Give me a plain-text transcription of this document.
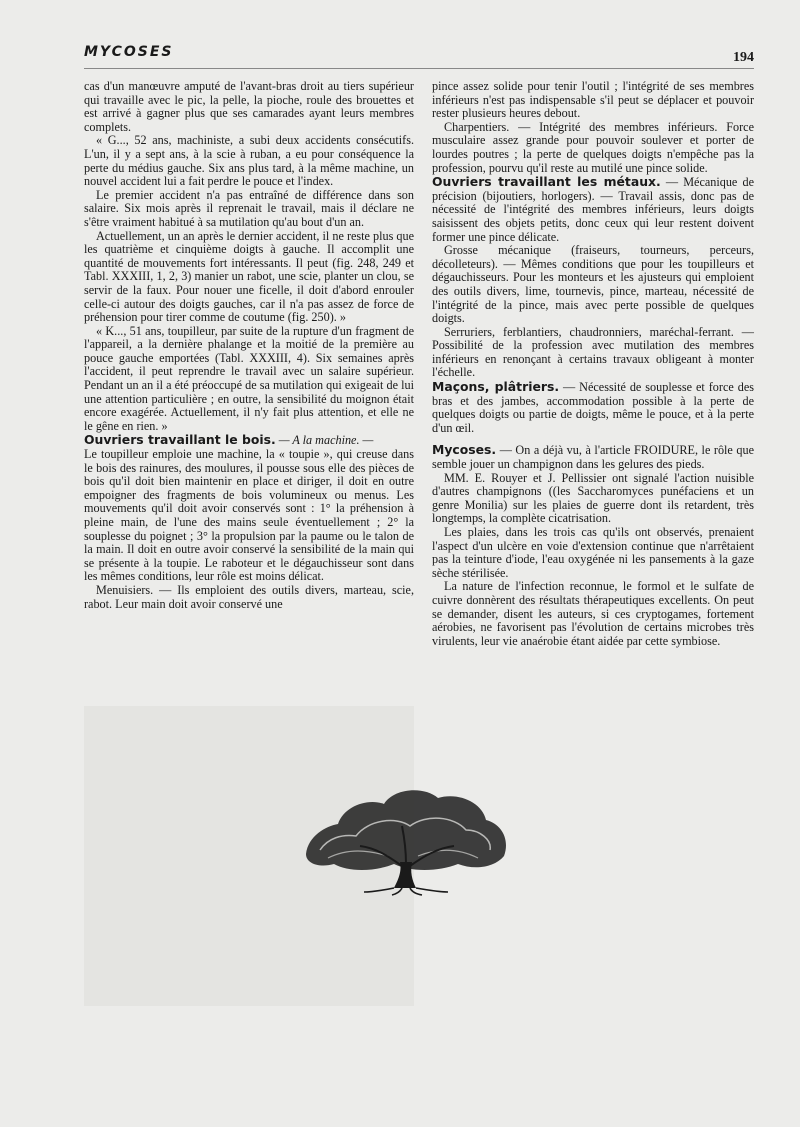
MYCOSES	194

cas d'un manœuvre amputé de l'avant-bras droit au tiers supérieur qui travaille avec le pic, la pelle, la pioche, roule des brouettes et est arrivé à gagner plus que ses camarades ayant leurs membres complets.

« G..., 52 ans, machiniste, a subi deux accidents consécutifs. L'un, il y a sept ans, à la scie à ruban, a eu pour conséquence la perte du médius gauche. Six ans plus tard, à la même machine, un nouvel accident lui a fait perdre le pouce et l'index.

Le premier accident n'a pas entraîné de différence dans son salaire. Six mois après il reprenait le travail, mais il déclare ne s'être vraiment habitué à sa mutilation qu'au bout d'un an.

Actuellement, un an après le dernier accident, il ne reste plus que les quatrième et cinquième doigts à gauche. Il accomplit une quantité de mouvements fort intéressants. Il peut (fig. 248, 249 et Tabl. XXXIII, 1, 2, 3) manier un rabot, une scie, planter un clou, se servir de la faux. Pour nouer une ficelle, il doit d'abord enrouler celle-ci autour des doigts gauches, car il n'a pas assez de force de préhension pour tirer comme de coutume (fig. 250). »

« K..., 51 ans, toupilleur, par suite de la rupture d'un fragment de l'appareil, a la dernière phalange et la moitié de la première au pouce gauche emportées (Tabl. XXXIII, 4). Six semaines après l'accident, il peut reprendre le travail avec un salaire supérieur. Pendant un an il a été préoccupé de sa mutilation qui exigeait de lui une attention particulière ; en outre, la sensibilité du moignon était encore exagérée. Actuellement, il n'y fait plus attention, et elle ne le gêne en rien. »

Ouvriers travaillant le bois. — A la machine. —

Le toupilleur emploie une machine, la « toupie », qui creuse dans le bois des rainures, des moulures, il pousse sous elle des pièces de bois qu'il doit bien maintenir en place et diriger, il doit en outre empoigner des fragments de bois volumineux ou menus. Les mouvements qu'il doit avoir conservés sont : 1° la préhension à pleine main, de l'une des mains seule éventuellement ; 2° la souplesse du poignet ; 3° la propulsion par la paume ou le talon de la main. Il doit en outre avoir conservé la sensibilité de la main qui se présente à la toupie. Le raboteur et le dégauchisseur sont dans les mêmes conditions, leur rôle est moins délicat.

Menuisiers. — Ils emploient des outils divers, marteau, scie, rabot. Leur main doit avoir conservé une

pince assez solide pour tenir l'outil ; l'intégrité de ses membres inférieurs n'est pas indispensable s'il peut se déplacer et pouvoir rester plusieurs heures debout.

Charpentiers. — Intégrité des membres inférieurs. Force musculaire assez grande pour pouvoir soulever et porter de lourdes poutres ; la perte de quelques doigts n'empêche pas la profession, pourvu qu'il reste au mutilé une pince solide.

Ouvriers travaillant les métaux. — Mécanique de précision (bijoutiers, horlogers). — Travail assis, donc pas de nécessité de l'intégrité des membres inférieurs, leurs doigts saisissent des objets petits, donc ceux qui leur restent doivent former une pince délicate.

Grosse mécanique (fraiseurs, tourneurs, perceurs, décolleteurs). — Mêmes conditions que pour les toupilleurs et dégauchisseurs. Pour les monteurs et les ajusteurs qui emploient des outils divers, lime, tournevis, pince, marteau, nécessité de l'intégrité de la pince, mais avec perte possible de quelques doigts.

Serruriers, ferblantiers, chaudronniers, maréchal-ferrant. — Possibilité de la profession avec mutilation des membres inférieurs en renonçant à certains travaux obligeant à monter l'échelle.

Maçons, plâtriers. — Nécessité de souplesse et force des bras et des jambes, accommodation possible à la perte de quelques doigts ou partie de doigts, même le pouce, et à la perte d'un œil.

Mycoses. — On a déjà vu, à l'article FROIDURE, le rôle que semble jouer un champignon dans les gelures des pieds.

MM. E. Rouyer et J. Pellissier ont signalé l'action nuisible d'autres champignons ((les Saccharomyces punéfaciens et un genre Monilia) sur les plaies de guerre dont ils retardent, très longtemps, la complète cicatrisation.

Les plaies, dans les trois cas qu'ils ont observés, prenaient l'aspect d'un ulcère en voie d'extension continue que n'arrêtaient pas la teinture d'iode, l'eau oxygénée ni les pansements à la gaze sèche stérilisée.

La nature de l'infection reconnue, le formol et le sulfate de cuivre donnèrent des résultats thérapeutiques excellents. On peut se demander, disent les auteurs, si ces cryptogames, fortement aérobies, ne favorisent pas l'évolution de certains microbes très virulents, leur vie anaérobie étant aidée par cette symbiose.
